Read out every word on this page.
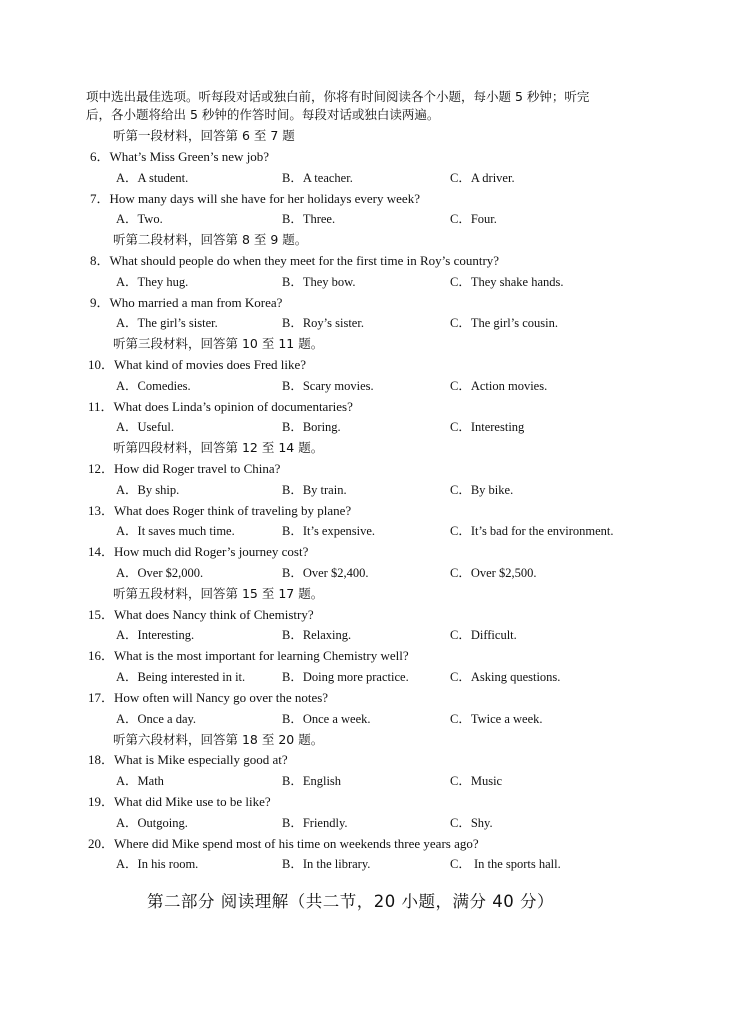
项中选出最佳选项。听每段对话或独白前，你将有时间阅读各个小题，每小题 5 秒钟；听完
后，各小题将给出 5 秒钟的作答时间。每段对话或独白读两遍。
听第一段材料，回答第 6 至 7 题
6．What’s Miss Green’s new job?
A．A student.	B．A teacher.	C．A driver.
7．How many days will she have for her holidays every week?
A．Two.	B．Three.	C．Four.
听第二段材料，回答第 8 至 9 题。
8．What should people do when they meet for the first time in Roy’s country?
A．They hug.	B．They bow.	C．They shake hands.
9．Who married a man from Korea?
A．The girl’s sister.	B．Roy’s sister.	C．The girl’s cousin.
听第三段材料，回答第 10 至 11 题。
10．What kind of movies does Fred like?
A．Comedies.	B．Scary movies.	C．Action movies.
11．What does Linda’s opinion of documentaries?
A．Useful.	B．Boring.	C．Interesting
听第四段材料，回答第 12 至 14 题。
12．How did Roger travel to China?
A．By ship.	B．By train.	C．By bike.
13．What does Roger think of traveling by plane?
A．It saves much time.	B．It’s expensive.	C．It’s bad for the environment.
14．How much did Roger’s journey cost?
A．Over $2,000.	B．Over $2,400.	C．Over $2,500.
听第五段材料，回答第 15 至 17 题。
15．What does Nancy think of Chemistry?
A．Interesting.	B．Relaxing.	C．Difficult.
16．What is the most important for learning Chemistry well?
A．Being interested in it.	B．Doing more practice.	C．Asking questions.
17．How often will Nancy go over the notes?
A．Once a day.	B．Once a week.	C．Twice a week.
听第六段材料，回答第 18 至 20 题。
18．What is Mike especially good at?
A．Math	B．English	C．Music
19．What did Mike use to be like?
A．Outgoing.	B．Friendly.	C．Shy.
20．Where did Mike spend most of his time on weekends three years ago?
A．In his room.	B．In the library.	C． In the sports hall.
第二部分 阅读理解（共二节，20 小题，满分 40 分）
